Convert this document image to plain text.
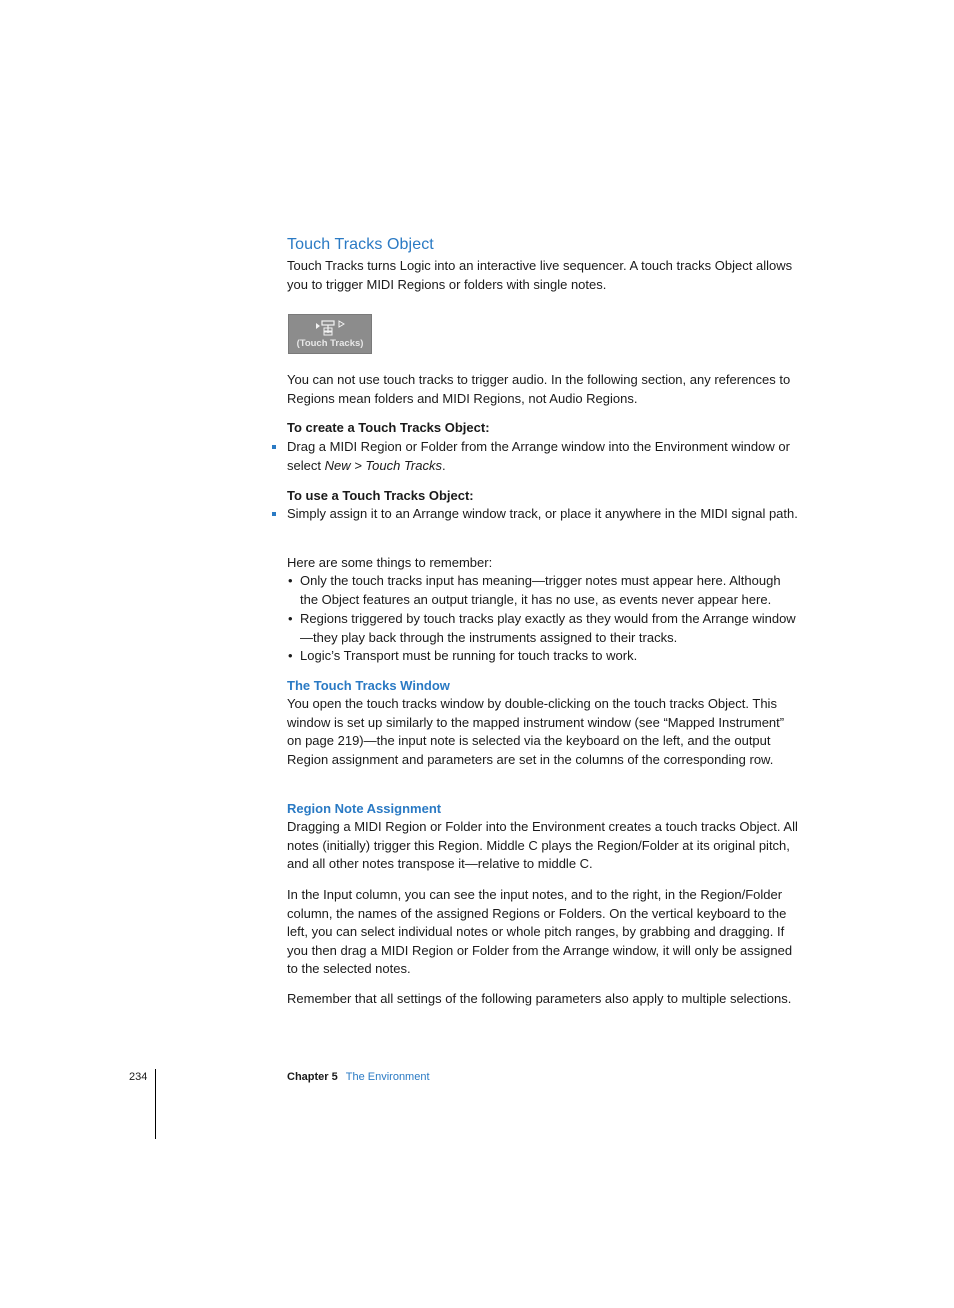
Touch Tracks Object

Touch Tracks turns Logic into an interactive live sequencer. A touch tracks Object allows you to trigger MIDI Regions or folders with single notes.

(Touch Tracks)

You can not use touch tracks to trigger audio. In the following section, any references to Regions mean folders and MIDI Regions, not Audio Regions.

To create a Touch Tracks Object:

Drag a MIDI Region or Folder from the Arrange window into the Environment window or select New > Touch Tracks.

To use a Touch Tracks Object:

Simply assign it to an Arrange window track, or place it anywhere in the MIDI signal path.

Here are some things to remember:

• Only the touch tracks input has meaning—trigger notes must appear here. Although the Object features an output triangle, it has no use, as events never appear here.

• Regions triggered by touch tracks play exactly as they would from the Arrange window—they play back through the instruments assigned to their tracks.

• Logic’s Transport must be running for touch tracks to work.

The Touch Tracks Window

You open the touch tracks window by double-clicking on the touch tracks Object. This window is set up similarly to the mapped instrument window (see “Mapped Instrument” on page 219)—the input note is selected via the keyboard on the left, and the output Region assignment and parameters are set in the columns of the corresponding row.

Region Note Assignment

Dragging a MIDI Region or Folder into the Environment creates a touch tracks Object. All notes (initially) trigger this Region. Middle C plays the Region/Folder at its original pitch, and all other notes transpose it—relative to middle C.

In the Input column, you can see the input notes, and to the right, in the Region/Folder column, the names of the assigned Regions or Folders. On the vertical keyboard to the left, you can select individual notes or whole pitch ranges, by grabbing and dragging. If you then drag a MIDI Region or Folder from the Arrange window, it will only be assigned to the selected notes.

Remember that all settings of the following parameters also apply to multiple selections.

234	Chapter 5 The Environment
